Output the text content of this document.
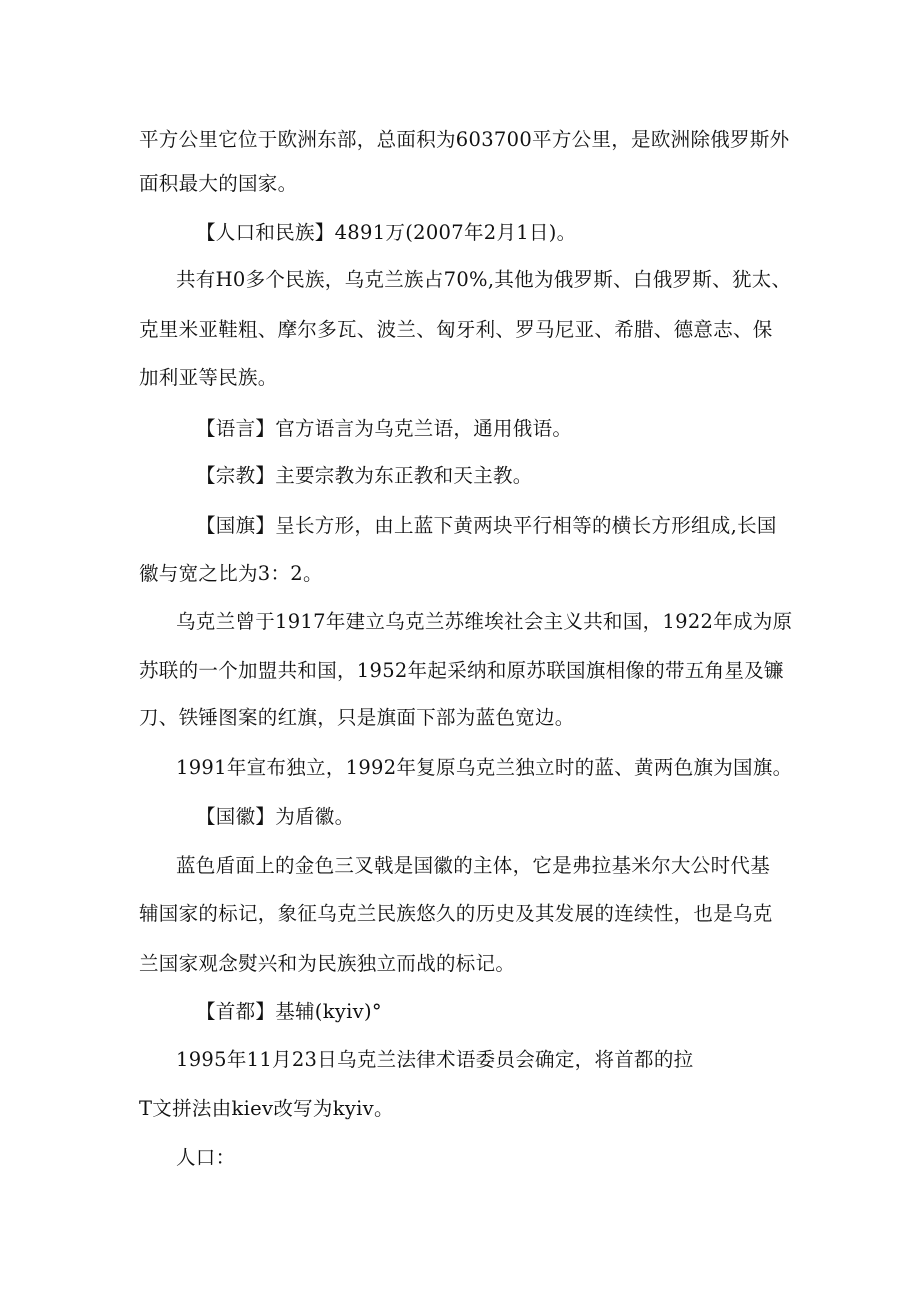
平方公里它位于欧洲东部，总面积为603700平方公里，是欧洲除俄罗斯外
面积最大的国家。
【人口和民族】4891万(2007年2月1日)。
共有H0多个民族，乌克兰族占70%,其他为俄罗斯、白俄罗斯、犹太、
克里米亚鞋粗、摩尔多瓦、波兰、匈牙利、罗马尼亚、希腊、德意志、保
加利亚等民族。
【语言】官方语言为乌克兰语，通用俄语。
【宗教】主要宗教为东正教和天主教。
【国旗】呈长方形，由上蓝下黄两块平行相等的横长方形组成,长国
徽与宽之比为3：2。
乌克兰曾于1917年建立乌克兰苏维埃社会主义共和国，1922年成为原
苏联的一个加盟共和国，1952年起采纳和原苏联国旗相像的带五角星及镰
刀、铁锤图案的红旗，只是旗面下部为蓝色宽边。
1991年宣布独立，1992年复原乌克兰独立时的蓝、黄两色旗为国旗。
【国徽】为盾徽。
蓝色盾面上的金色三叉戟是国徽的主体，它是弗拉基米尔大公时代基
辅国家的标记，象征乌克兰民族悠久的历史及其发展的连续性，也是乌克
兰国家观念熨兴和为民族独立而战的标记。
【首都】基辅(kyiv)°
1995年11月23日乌克兰法律术语委员会确定，将首都的拉
T文拼法由kiev改写为kyiv。
人口：
